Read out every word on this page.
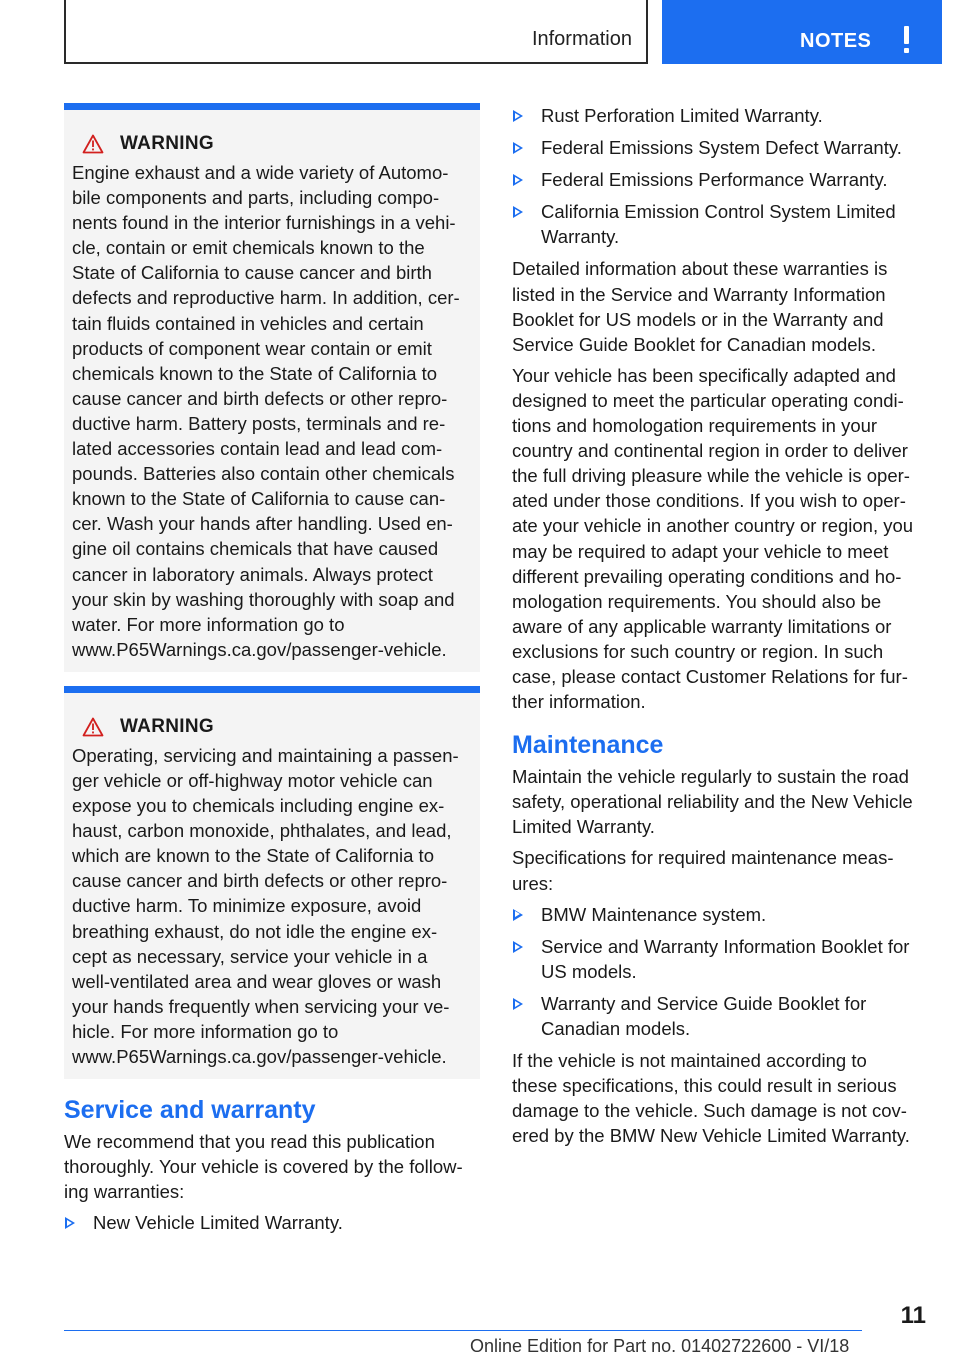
Information	NOTES
WARNING
Engine exhaust and a wide variety of Automo-
bile components and parts, including compo-
nents found in the interior furnishings in a vehi-
cle, contain or emit chemicals known to the
State of California to cause cancer and birth
defects and reproductive harm. In addition, cer-
tain fluids contained in vehicles and certain
products of component wear contain or emit
chemicals known to the State of California to
cause cancer and birth defects or other repro-
ductive harm. Battery posts, terminals and re-
lated accessories contain lead and lead com-
pounds. Batteries also contain other chemicals
known to the State of California to cause can-
cer. Wash your hands after handling. Used en-
gine oil contains chemicals that have caused
cancer in laboratory animals. Always protect
your skin by washing thoroughly with soap and
water. For more information go to
www.P65Warnings.ca.gov/passenger-vehicle.
WARNING
Operating, servicing and maintaining a passen-
ger vehicle or off-highway motor vehicle can
expose you to chemicals including engine ex-
haust, carbon monoxide, phthalates, and lead,
which are known to the State of California to
cause cancer and birth defects or other repro-
ductive harm. To minimize exposure, avoid
breathing exhaust, do not idle the engine ex-
cept as necessary, service your vehicle in a
well-ventilated area and wear gloves or wash
your hands frequently when servicing your ve-
hicle. For more information go to
www.P65Warnings.ca.gov/passenger-vehicle.
Service and warranty
We recommend that you read this publication
thoroughly. Your vehicle is covered by the follow-
ing warranties:
New Vehicle Limited Warranty.
Rust Perforation Limited Warranty.
Federal Emissions System Defect Warranty.
Federal Emissions Performance Warranty.
California Emission Control System Limited
Warranty.
Detailed information about these warranties is
listed in the Service and Warranty Information
Booklet for US models or in the Warranty and
Service Guide Booklet for Canadian models.
Your vehicle has been specifically adapted and
designed to meet the particular operating condi-
tions and homologation requirements in your
country and continental region in order to deliver
the full driving pleasure while the vehicle is oper-
ated under those conditions. If you wish to oper-
ate your vehicle in another country or region, you
may be required to adapt your vehicle to meet
different prevailing operating conditions and ho-
mologation requirements. You should also be
aware of any applicable warranty limitations or
exclusions for such country or region. In such
case, please contact Customer Relations for fur-
ther information.
Maintenance
Maintain the vehicle regularly to sustain the road
safety, operational reliability and the New Vehicle
Limited Warranty.
Specifications for required maintenance meas-
ures:
BMW Maintenance system.
Service and Warranty Information Booklet for
US models.
Warranty and Service Guide Booklet for
Canadian models.
If the vehicle is not maintained according to
these specifications, this could result in serious
damage to the vehicle. Such damage is not cov-
ered by the BMW New Vehicle Limited Warranty.
11
Online Edition for Part no. 01402722600 - VI/18
